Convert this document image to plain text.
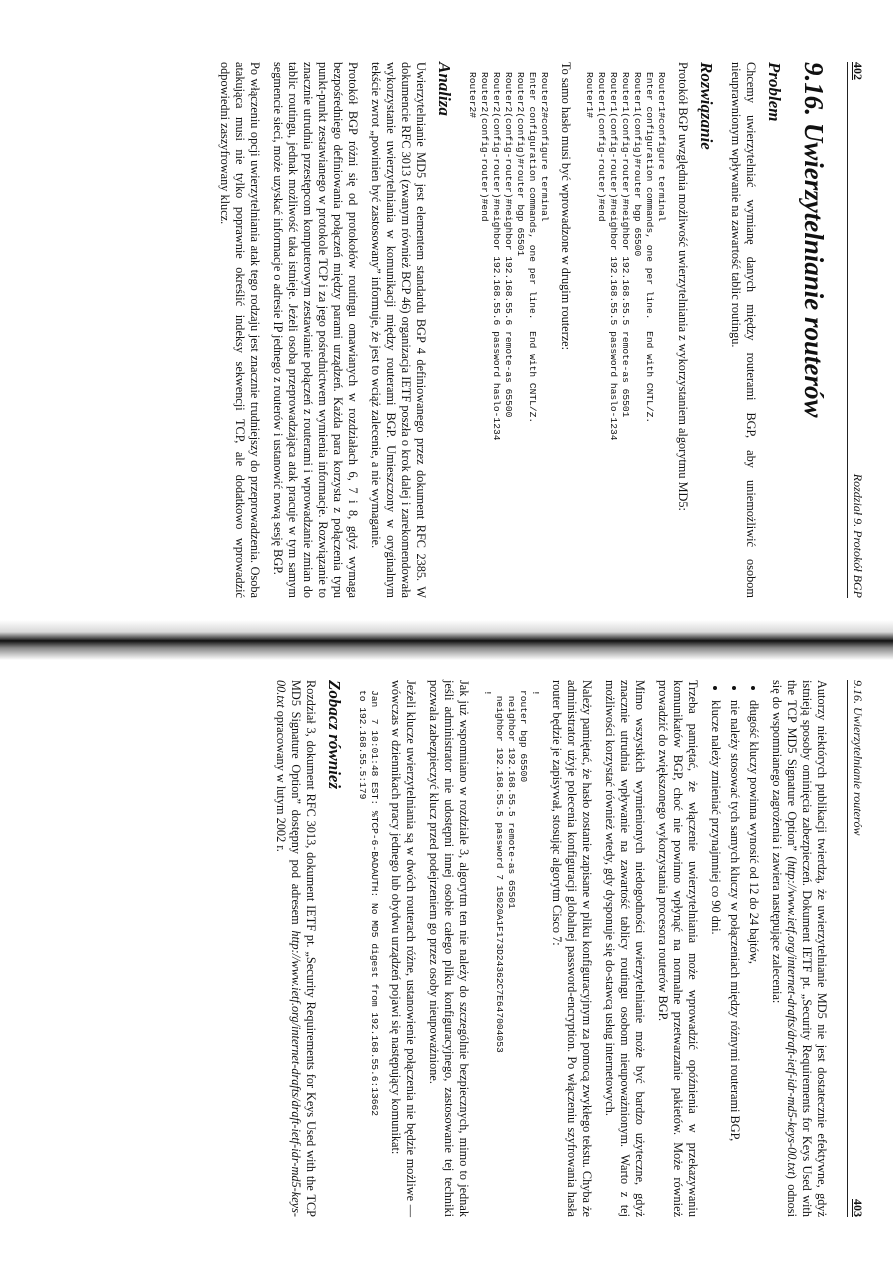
402
Rozdział 9. Protokół BGP
9.16. Uwierzytelnianie routerów
Problem

Chcemy uwierzytelniać wymianę danych między routerami BGP, aby uniemożliwić osobom nieuprawnionym wpływanie na zawartość tablic routingu.

Rozwiązanie

Protokół BGP uwzględnia możliwość uwierzytelniania z wykorzystaniem algorytmu MD5:

Router1#configure terminal
Enter configuration commands, one per line.  End with CNTL/Z.
Router1(config)#router bgp 65500
Router1(config-router)#neighbor 192.168.55.5 remote-as 65501
Router1(config-router)#neighbor 192.168.55.5 password haslo-1234
Router1(config-router)#end
Router1#

To samo hasło musi być wprowadzone w drugim routerze:

Router2#configure terminal
Enter configuration commands, one per line.  End with CNTL/Z.
Router2(config)#router bgp 65501
Router2(config-router)#neighbor 192.168.55.6 remote-as 65500
Router2(config-router)#neighbor 192.168.55.6 password haslo-1234
Router2(config-router)#end
Router2#
Analiza

Uwierzytelnianie MD5 jest elementem standardu BGP 4 definiowanego przez dokument RFC 2385. W dokumencie RFC 3013 (zwanym również BCP 46) organizacja IETF poszła o krok dalej i zarekomendowała wykorzystanie uwierzytelniania w komunikacji między routerami BGP. Umieszczony w oryginalnym tekście zwrot „powinien być zastosowany” informuje, że jest to wciąż zalecenie, a nie wymaganie.

Protokół BGP różni się od protokołów routingu omawianych w rozdziałach 6, 7 i 8, gdyż wymaga bezpośredniego definiowania połączeń między parami urządzeń. Każda para korzysta z połączenia typu punkt-punkt zestawianego w protokole TCP i za jego pośrednictwem wymienia informacje. Rozwiązanie to znacznie utrudnia przestępcom komputerowym zestawianie połączeń z routerami i wprowadzanie zmian do tablic routingu, jednak możliwość taka istnieje. Jeżeli osoba przeprowadzająca atak pracuje w tym samym segmencie sieci, może uzyskać informacje o adresie IP jednego z routerów i ustanowić nową sesję BGP.

Po włączeniu opcji uwierzytelniania atak tego rodzaju jest znacznie trudniejszy do przeprowadzenia. Osoba atakująca musi nie tylko poprawnie określić indeksy sekwencji TCP, ale dodatkowo wprowadzić odpowiedni zaszyfrowany klucz.

9.16. Uwierzytelnianie routerów
403

Autorzy niektórych publikacji twierdzą, że uwierzytelnianie MD5 nie jest dostatecznie efektywne, gdyż istnieją sposoby ominięcia zabezpieczeń. Dokument IETF pt. „Security Requirements for Keys Used with the TCP MD5 Signature Option” (http://www.ietf.org/internet-drafts/draft-ietf-idr-md5-keys-00.txt) odnosi się do wspomnianego zagrożenia i zawiera następujące zalecenia:

• długość kluczy powinna wynosić od 12 do 24 bajtów,
• nie należy stosować tych samych kluczy w połączeniach między różnymi routerami BGP,
• klucze należy zmieniać przynajmniej co 90 dni.

Trzeba pamiętać, że włączenie uwierzytelniania może wprowadzić opóźnienia w przekazywaniu komunikatów BGP, choć nie powinno wpłynąć na normalne przetwarzanie pakietów. Może również prowadzić do zwiększonego wykorzystania procesora routerów BGP.

Mimo wszystkich wymienionych niedogodności uwierzytelnianie może być bardzo użyteczne, gdyż znacznie utrudnia wpływanie na zawartość tablicy routingu osobom nieupoważnionym. Warto z tej możliwości korzystać również wtedy, gdy dysponuje się do-stawcą usług internetowych.

Należy pamiętać, że hasło zostanie zapisane w pliku konfiguracyjnym za pomocą zwykłego tekstu. Chyba że administrator użyje polecenia konfiguracji globalnej password-encryption. Po włączeniu szyfrowania hasła router będzie je zapisywał, stosując algorytm Cisco 7:

!
router bgp 65500
neighbor 192.168.55.5 remote-as 65501
neighbor 192.168.55.5 password 7 15020A1F173D24362C7E647004053
!

Jak już wspomniano w rozdziale 3, algorytm ten nie należy do szczególnie bezpiecznych, mimo to jednak jeśli administrator nie udostępni innej osobie całego pliku konfiguracyjnego, zastosowanie tej techniki pozwala zabezpieczyć klucz przed podejrzeniem go przez osoby nieupoważnione.

Jeżeli klucze uwierzytelniania są w dwóch routerach różne, ustanowienie połączenia nie będzie możliwe — wówczas w dziennikach pracy jednego lub obydwu urządzeń pojawi się następujący komunikat:

Jan  7 10:01:48 EST: %TCP-6-BADAUTH: No MD5 digest from 192.168.55.6:13662
to 192.168.55.5:179
Zobacz również

Rozdział 3, dokument RFC 3013, dokument IETF pt. „Security Requirements for Keys Used with the TCP MD5 Signature Option” dostępny pod adresem http://www.ietf.org/internet-drafts/draft-ietf-idr-md5-keys-00.txt opracowany w lutym 2002 r.
